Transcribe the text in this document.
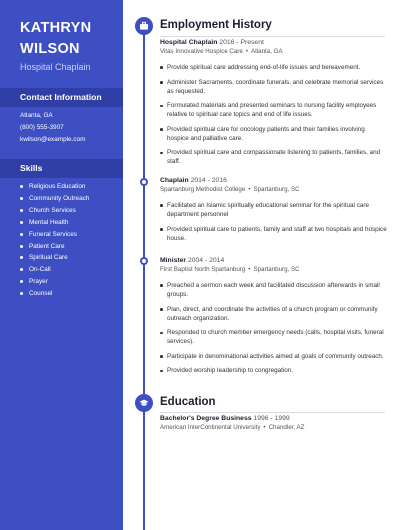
KATHRYN
WILSON
Hospital Chaplain
Contact Information
Atlanta, GA
(800) 555-3907
kwilson@example.com
Skills
Religious Education
Community Outreach
Church Services
Mental Health
Funeral Services
Patient Care
Spiritual Care
On-Call
Prayer
Counsel
Employment History
Hospital Chaplain 2016 - Present
Vitas Innovative Hospice Care • Atlanta, GA
Provide spiritual care addressing end-of-life issues and bereavement.
Administer Sacraments, coordinate funerals, and celebrate memorial services as requested.
Formulated materials and presented seminars to nursing facility employees relative to spiritual care topics and end of life issues.
Provided spiritual care for oncology patients and their families involving hospice and palliative care.
Provided spiritual care and compassionate listening to patients, families, and staff.
Chaplain 2014 - 2016
Spartanburg Methodist College • Spartanburg, SC
Facilitated an Islamic spiritually educational seminar for the spiritual care department personnel
Provided spiritual care to patients, family and staff at two hospitals and hospice house.
Minister 2004 - 2014
First Baptist North Spartanburg • Spartanburg, SC
Preached a sermon each week and facilitated discussion afterwards in small groups.
Plan, direct, and coordinate the activities of a church program or community outreach organization.
Responded to church member emergency needs (calls, hospital visits, funeral services).
Participate in denominational activities aimed at goals of community outreach.
Provided worship leadership to congregation.
Education
Bachelor's Degree Business 1996 - 1999
American InterContinental University • Chandler, AZ
